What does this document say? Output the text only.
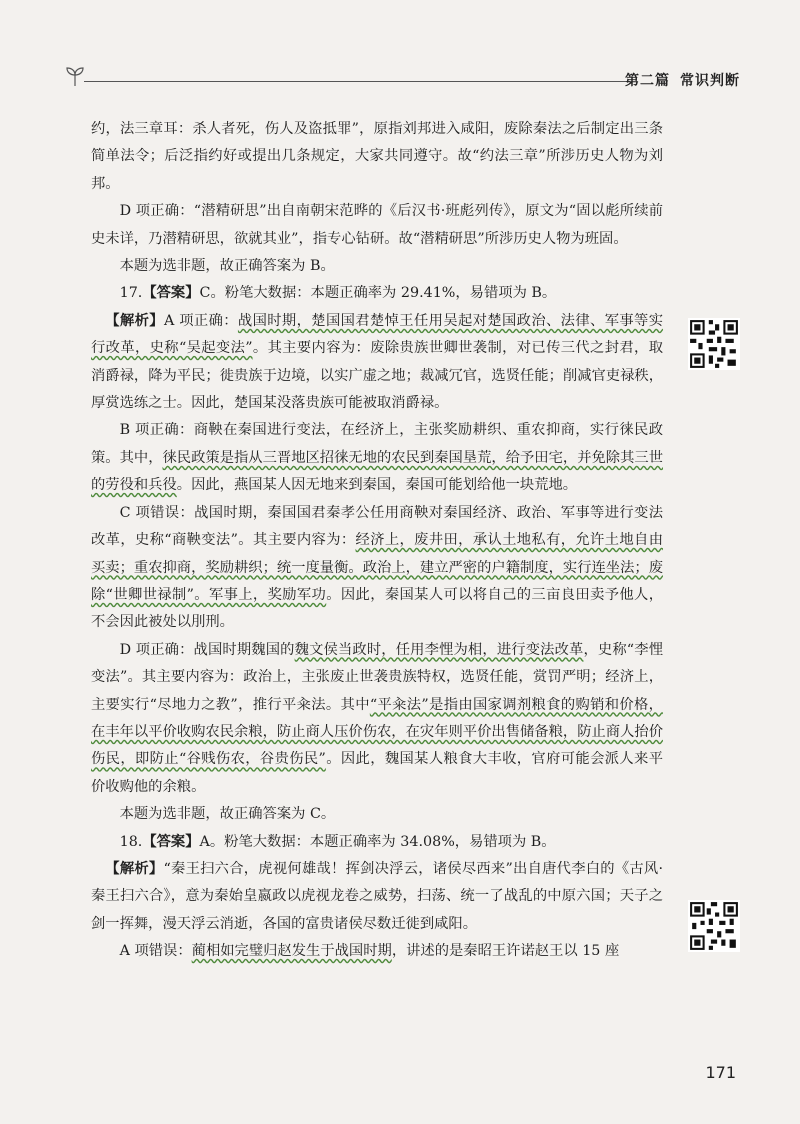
第二篇 常识判断

约，法三章耳：杀人者死，伤人及盗抵罪”，原指刘邦进入咸阳，废除秦法之后制定出三条简单法令；后泛指约好或提出几条规定，大家共同遵守。故“约法三章”所涉历史人物为刘邦。

D 项正确：“潜精研思”出自南朝宋范晔的《后汉书·班彪列传》，原文为“固以彪所续前史未详，乃潜精研思，欲就其业”，指专心钻研。故“潜精研思”所涉历史人物为班固。

本题为选非题，故正确答案为 B。

17.【答案】C。粉笔大数据：本题正确率为 29.41%，易错项为 B。

【解析】A 项正确：战国时期，楚国国君楚悼王任用吴起对楚国政治、法律、军事等实行改革，史称“吴起变法”。其主要内容为：废除贵族世卿世袭制，对已传三代之封君，取消爵禄，降为平民；徙贵族于边境，以实广虚之地；裁减冗官，选贤任能；削减官吏禄秩，厚赏选练之士。因此，楚国某没落贵族可能被取消爵禄。

B 项正确：商鞅在秦国进行变法，在经济上，主张奖励耕织、重农抑商，实行徕民政策。其中，徕民政策是指从三晋地区招徕无地的农民到秦国垦荒，给予田宅，并免除其三世的劳役和兵役。因此，燕国某人因无地来到秦国，秦国可能划给他一块荒地。

C 项错误：战国时期，秦国国君秦孝公任用商鞅对秦国经济、政治、军事等进行变法改革，史称“商鞅变法”。其主要内容为：经济上，废井田，承认土地私有，允许土地自由买卖；重农抑商，奖励耕织；统一度量衡。政治上，建立严密的户籍制度，实行连坐法；废除“世卿世禄制”。军事上，奖励军功。因此，秦国某人可以将自己的三亩良田卖予他人，不会因此被处以刖刑。

D 项正确：战国时期魏国的魏文侯当政时，任用李悝为相，进行变法改革，史称“李悝变法”。其主要内容为：政治上，主张废止世袭贵族特权，选贤任能，赏罚严明；经济上，主要实行“尽地力之教”，推行平籴法。其中“平籴法”是指由国家调剂粮食的购销和价格，在丰年以平价收购农民余粮，防止商人压价伤农，在灾年则平价出售储备粮，防止商人抬价伤民，即防止“谷贱伤农，谷贵伤民”。因此，魏国某人粮食大丰收，官府可能会派人来平价收购他的余粮。

本题为选非题，故正确答案为 C。

18.【答案】A。粉笔大数据：本题正确率为 34.08%，易错项为 B。

【解析】“秦王扫六合，虎视何雄哉！挥剑决浮云，诸侯尽西来”出自唐代李白的《古风·秦王扫六合》，意为秦始皇嬴政以虎视龙卷之威势，扫荡、统一了战乱的中原六国；天子之剑一挥舞，漫天浮云消逝，各国的富贵诸侯尽数迁徙到咸阳。

A 项错误：蔺相如完璧归赵发生于战国时期，讲述的是秦昭王许诺赵王以 15 座

171
